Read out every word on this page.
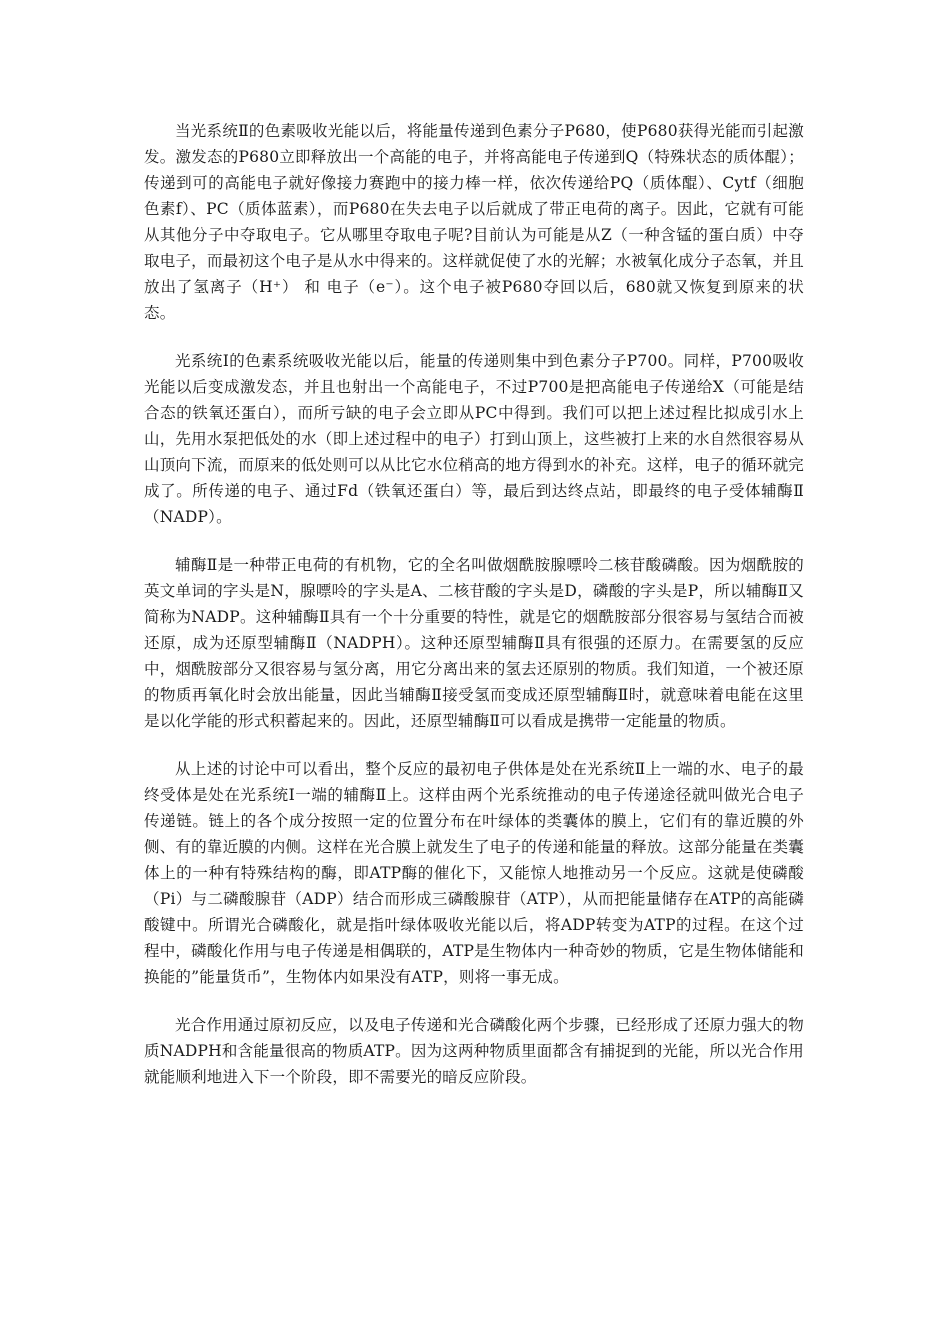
当光系统Ⅱ的色素吸收光能以后，将能量传递到色素分子P680，使P680获得光能而引起激发。激发态的P680立即释放出一个高能的电子，并将高能电子传递到Q（特殊状态的质体醌）；传递到可的高能电子就好像接力赛跑中的接力棒一样，依次传递给PQ（质体醌）、Cytf（细胞色素f）、PC（质体蓝素），而P680在失去电子以后就成了带正电荷的离子。因此，它就有可能从其他分子中夺取电子。它从哪里夺取电子呢?目前认为可能是从Z（一种含锰的蛋白质）中夺取电子，而最初这个电子是从水中得来的。这样就促使了水的光解；水被氧化成分子态氧，并且放出了氢离子（H⁺） 和 电子（e⁻）。这个电子被P680夺回以后，680就又恢复到原来的状态。

光系统Ⅰ的色素系统吸收光能以后，能量的传递则集中到色素分子P700。同样，P700吸收光能以后变成激发态，并且也射出一个高能电子，不过P700是把高能电子传递给X（可能是结合态的铁氧还蛋白），而所亏缺的电子会立即从PC中得到。我们可以把上述过程比拟成引水上山，先用水泵把低处的水（即上述过程中的电子）打到山顶上，这些被打上来的水自然很容易从山顶向下流，而原来的低处则可以从比它水位稍高的地方得到水的补充。这样，电子的循环就完成了。所传递的电子、通过Fd（铁氧还蛋白）等，最后到达终点站，即最终的电子受体辅酶Ⅱ（NADP）。

辅酶Ⅱ是一种带正电荷的有机物，它的全名叫做烟酰胺腺嘌呤二核苷酸磷酸。因为烟酰胺的英文单词的字头是N，腺嘌呤的字头是A、二核苷酸的字头是D，磷酸的字头是P，所以辅酶Ⅱ又简称为NADP。这种辅酶Ⅱ具有一个十分重要的特性，就是它的烟酰胺部分很容易与氢结合而被还原，成为还原型辅酶Ⅱ（NADPH）。这种还原型辅酶Ⅱ具有很强的还原力。在需要氢的反应中，烟酰胺部分又很容易与氢分离，用它分离出来的氢去还原别的物质。我们知道，一个被还原的物质再氧化时会放出能量，因此当辅酶Ⅱ接受氢而变成还原型辅酶Ⅱ时，就意味着电能在这里是以化学能的形式积蓄起来的。因此，还原型辅酶Ⅱ可以看成是携带一定能量的物质。

从上述的讨论中可以看出，整个反应的最初电子供体是处在光系统Ⅱ上一端的水、电子的最终受体是处在光系统Ⅰ一端的辅酶Ⅱ上。这样由两个光系统推动的电子传递途径就叫做光合电子传递链。链上的各个成分按照一定的位置分布在叶绿体的类囊体的膜上，它们有的靠近膜的外侧、有的靠近膜的内侧。这样在光合膜上就发生了电子的传递和能量的释放。这部分能量在类囊体上的一种有特殊结构的酶，即ATP酶的催化下，又能惊人地推动另一个反应。这就是使磷酸（Pi）与二磷酸腺苷（ADP）结合而形成三磷酸腺苷（ATP），从而把能量储存在ATP的高能磷酸键中。所谓光合磷酸化，就是指叶绿体吸收光能以后，将ADP转变为ATP的过程。在这个过程中，磷酸化作用与电子传递是相偶联的，ATP是生物体内一种奇妙的物质，它是生物体储能和换能的”能量货币”，生物体内如果没有ATP，则将一事无成。

光合作用通过原初反应，以及电子传递和光合磷酸化两个步骤，已经形成了还原力强大的物质NADPH和含能量很高的物质ATP。因为这两种物质里面都含有捕捉到的光能，所以光合作用就能顺利地进入下一个阶段，即不需要光的暗反应阶段。
